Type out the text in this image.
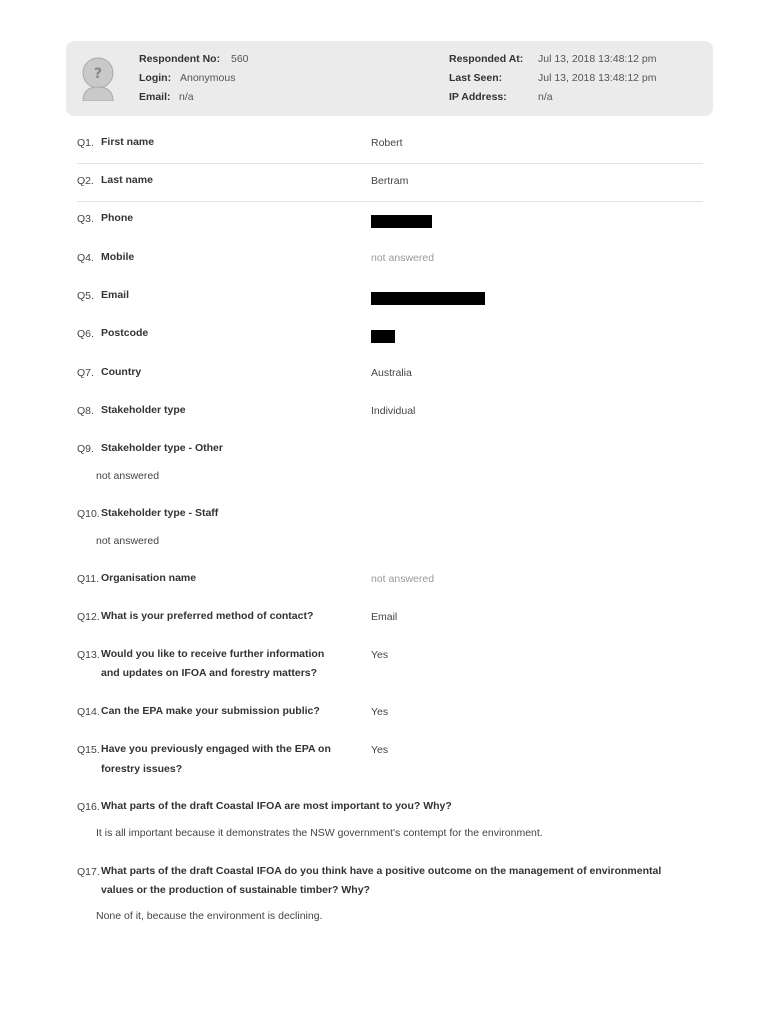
?
Respondent No: 560
Login: Anonymous
Email: n/a
Responded At: Jul 13, 2018 13:48:12 pm
Last Seen:	Jul 13, 2018 13:48:12 pm
IP Address:	n/a
Q1. First name	Robert
Q2. Last name	Bertram
Q3. Phone
Q4. Mobile	not answered
Q5. Email
Q6. Postcode
Q7. Country	Australia
Q8. Stakeholder type	Individual
Q9. Stakeholder type - Other
not answered
Q10. Stakeholder type - Staff
not answered
Q11. Organisation name	not answered
Q12. What is your preferred method of contact?	Email
Q13. Would you like to receive further information
and updates on IFOA and forestry matters?
Yes
Q14. Can the EPA make your submission public?	Yes
Q15. Have you previously engaged with the EPA on
forestry issues?
Yes
Q16. What parts of the draft Coastal IFOA are most important to you? Why?
It is all important because it demonstrates the NSW government's contempt for the environment.
Q17. What parts of the draft Coastal IFOA do you think have a positive outcome on the management of environmental
values or the production of sustainable timber? Why?
None of it, because the environment is declining.
